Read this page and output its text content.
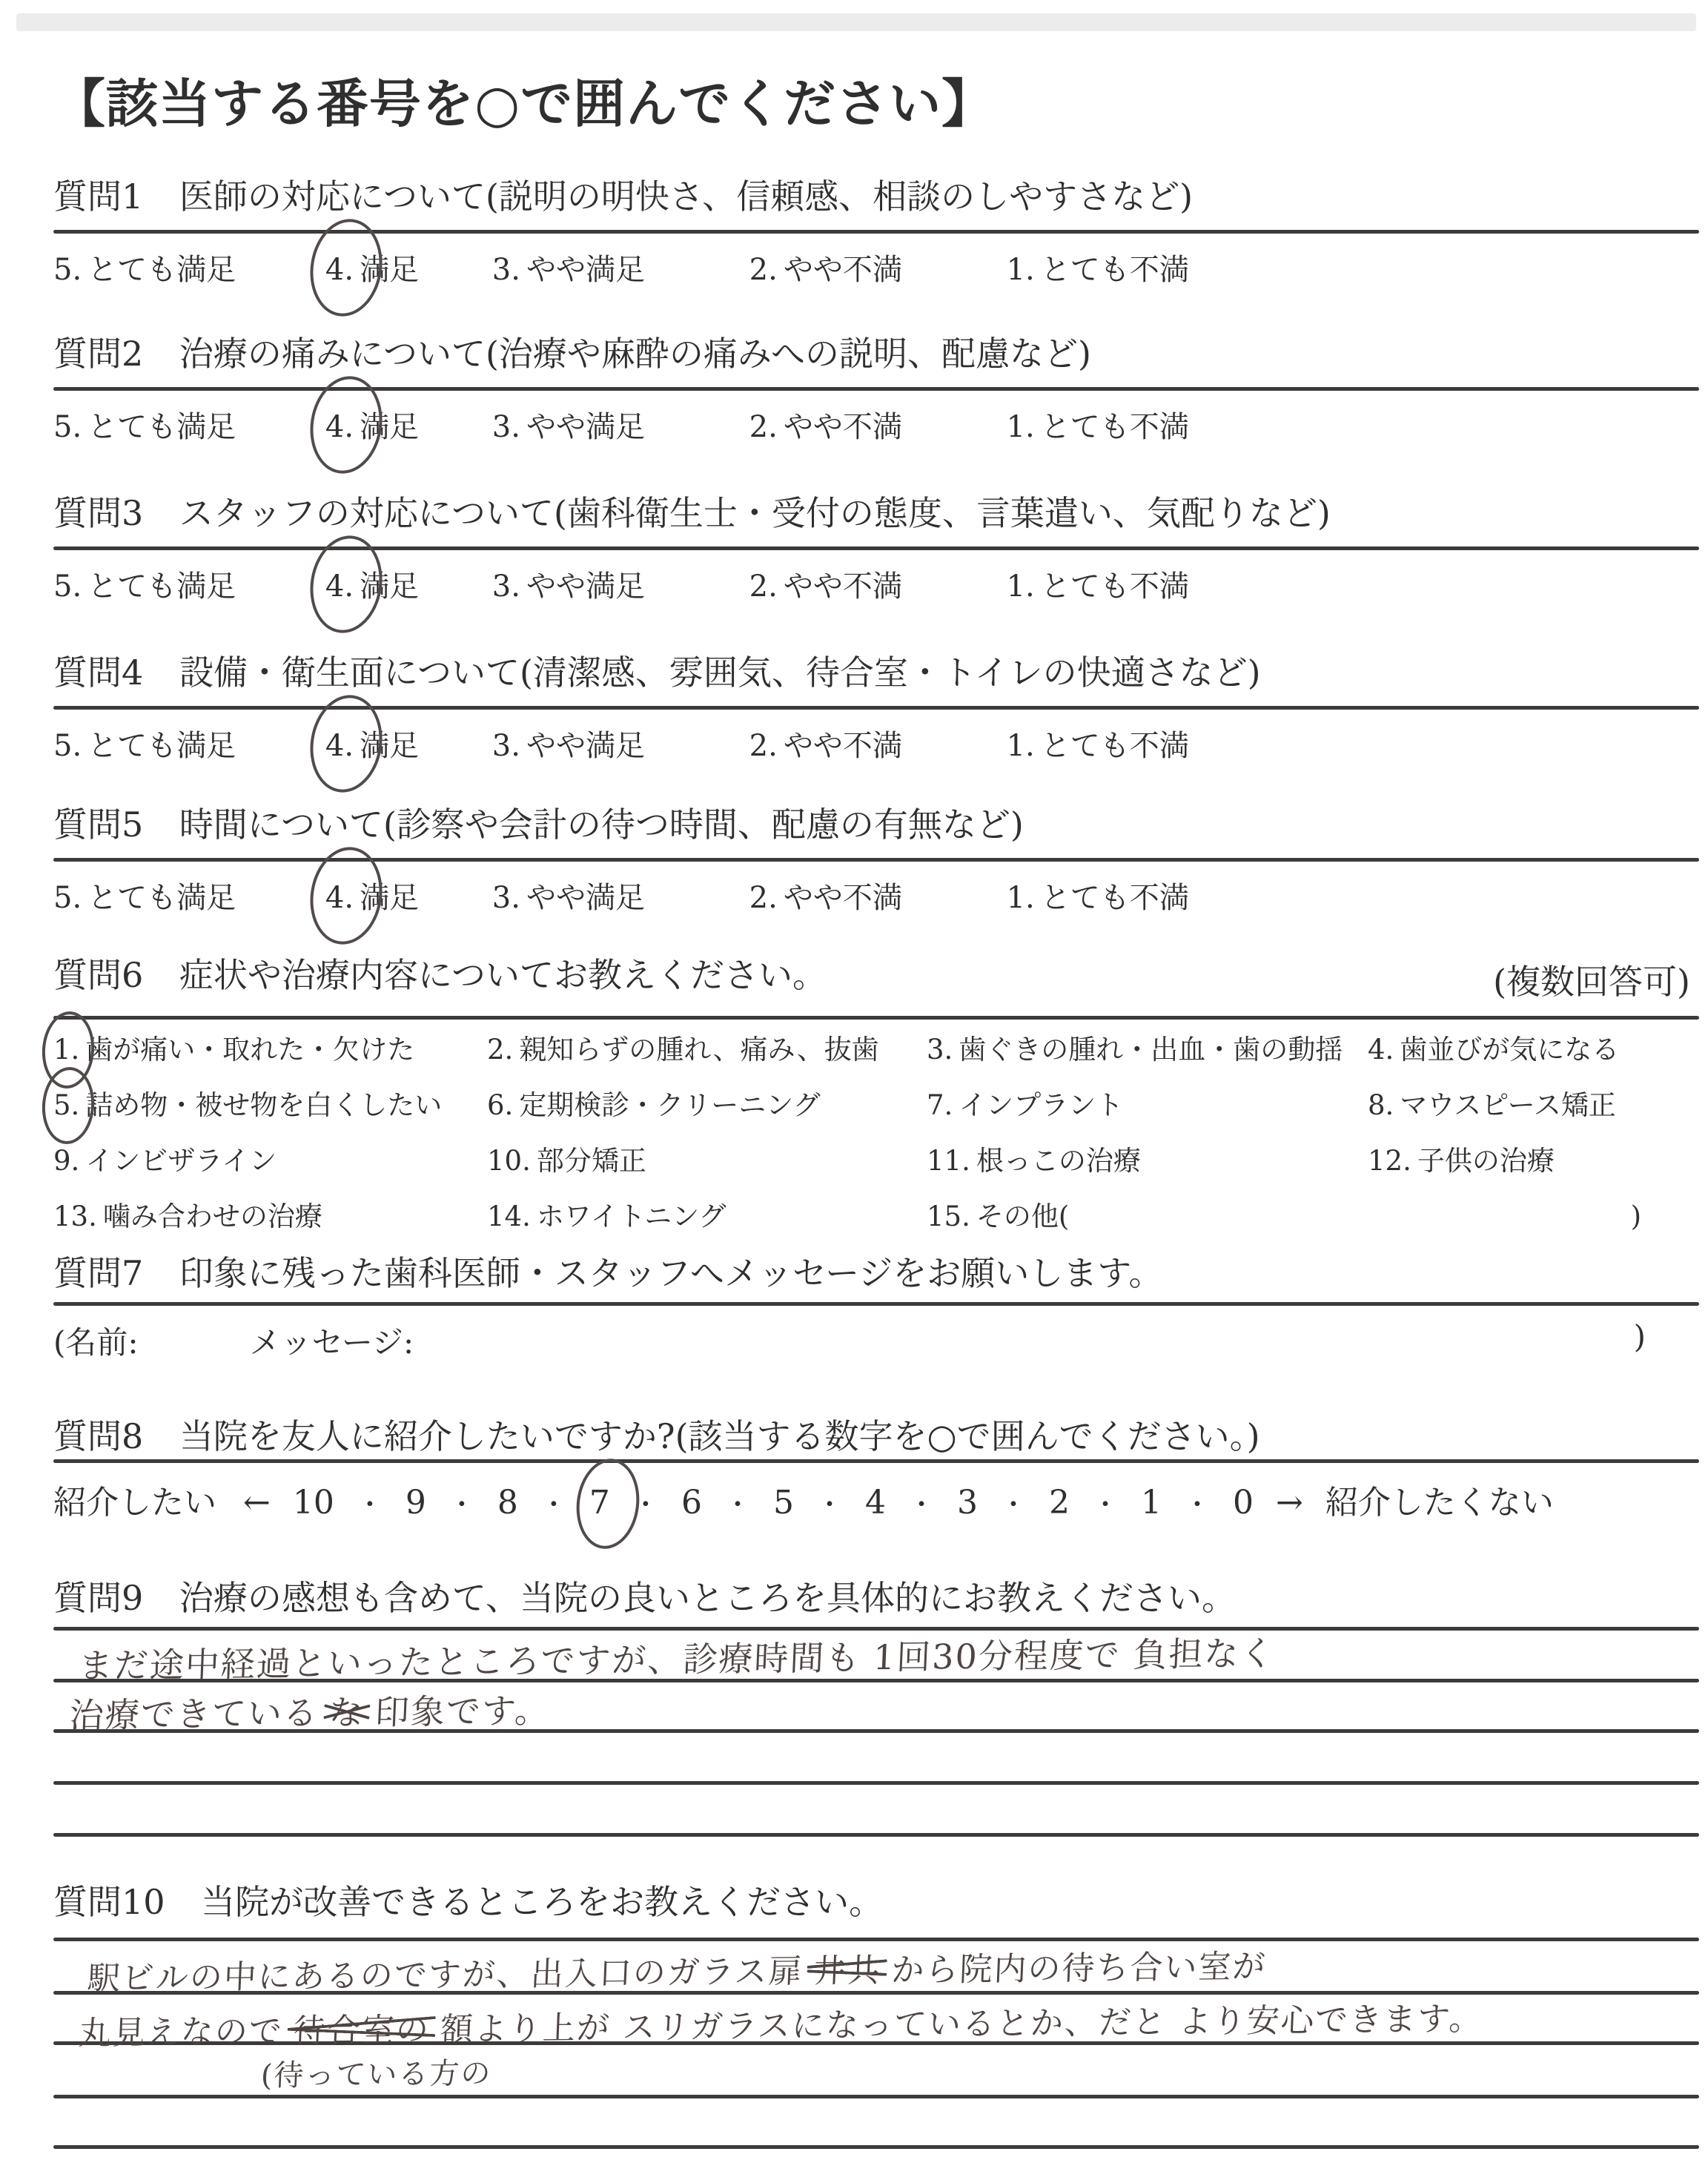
【該当する番号を○で囲んでください】
質問1 医師の対応について(説明の明快さ、信頼感、相談のしやすさなど)
5. とても満足	4. 満足 3. やや満足	2. やや不満	1. とても不満
質問2 治療の痛みについて(治療や麻酔の痛みへの説明、配慮など)
5. とても満足	4. 満足 3. やや満足	2. やや不満	1. とても不満
質問3 スタッフの対応について(歯科衛生士・受付の態度、言葉遣い、気配りなど)
5. とても満足	4. 満足 3. やや満足	2. やや不満	1. とても不満
質問4 設備・衛生面について(清潔感、雰囲気、待合室・トイレの快適さなど)
5. とても満足	4. 満足 3. やや満足	2. やや不満	1. とても不満
質問5 時間について(診察や会計の待つ時間、配慮の有無など)
5. とても満足	4. 満足 3. やや満足	2. やや不満	1. とても不満
質問6 症状や治療内容についてお教えください。	(複数回答可)
1. 歯が痛い・取れた・欠けた	2. 親知らずの腫れ、痛み、抜歯	3. 歯ぐきの腫れ・出血・歯の動揺 4. 歯並びが気になる
5. 詰め物・被せ物を白くしたい	6. 定期検診・クリーニング	7. インプラント	8. マウスピース矯正
9. インビザライン	10. 部分矯正	11. 根っこの治療	12. 子供の治療
13. 噛み合わせの治療	14. ホワイトニング	15. その他(	)
質問7 印象に残った歯科医師・スタッフへメッセージをお願いします。
(名前:	メッセージ:	)
質問8 当院を友人に紹介したいですか?(該当する数字を○で囲んでください。)
紹介したい ← 10 ・ 9 ・ 8 ・ 7 ・ 6 ・ 5 ・ 4 ・ 3 ・ 2 ・ 1 ・ 0 → 紹介したくない
質問9 治療の感想も含めて、当院の良いところを具体的にお教えください。
まだ途中経過といったところですが、診療時間も 1回30分程度で 負担なく
治療できている な 印象です。
質問10 当院が改善できるところをお教えください。
駅ビルの中にあるのですが、出入口のガラス扉 井共 から院内の待ち合い室が
丸見えなので 待合室の 額より上が スリガラスになっているとか、だと より安心できます。
(待っている方の
